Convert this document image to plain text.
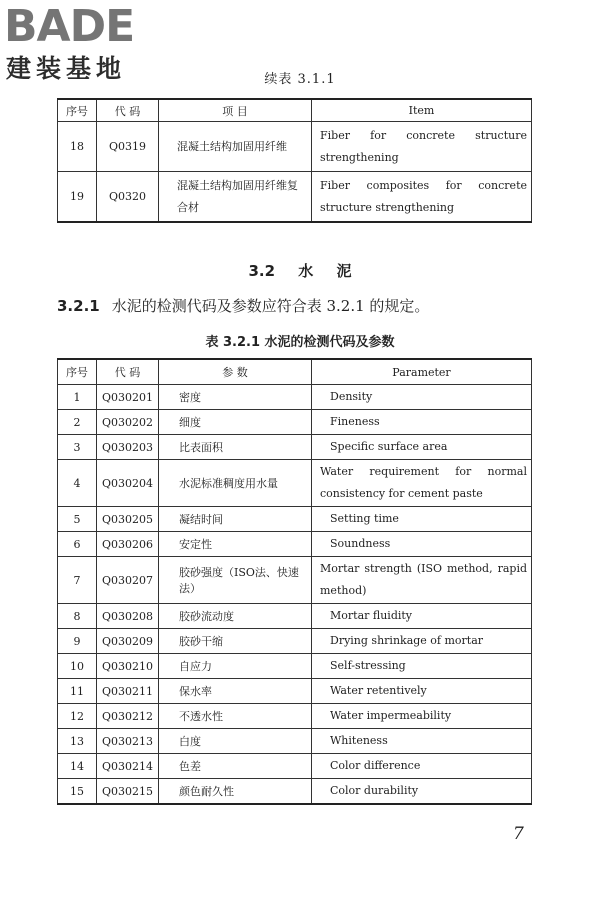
BADE
建装基地	续表 3.1.1
序号	代 码	项 目	Item
18	Q0319	混凝土结构加固用纤维	Fiber for concrete structure strengthening
19	Q0320	混凝土结构加固用纤维复合材	Fiber composites for concrete structure strengthening
3.2 水 泥
3.2.1 水泥的检测代码及参数应符合表 3.2.1 的规定。
表 3.2.1 水泥的检测代码及参数
序号	代 码	参 数	Parameter
1	Q030201	密度	Density
2	Q030202	细度	Fineness
3	Q030203	比表面积	Specific surface area
4	Q030204	水泥标准稠度用水量	Water requirement for normal consistency for cement paste
5	Q030205	凝结时间	Setting time
6	Q030206	安定性	Soundness
7	Q030207	胶砂强度（ISO法、快速法）	Mortar strength (ISO method, rapid method)
8	Q030208	胶砂流动度	Mortar fluidity
9	Q030209	胶砂干缩	Drying shrinkage of mortar
10	Q030210	自应力	Self-stressing
11	Q030211	保水率	Water retentively
12	Q030212	不透水性	Water impermeability
13	Q030213	白度	Whiteness
14	Q030214	色差	Color difference
15	Q030215	颜色耐久性	Color durability
7
